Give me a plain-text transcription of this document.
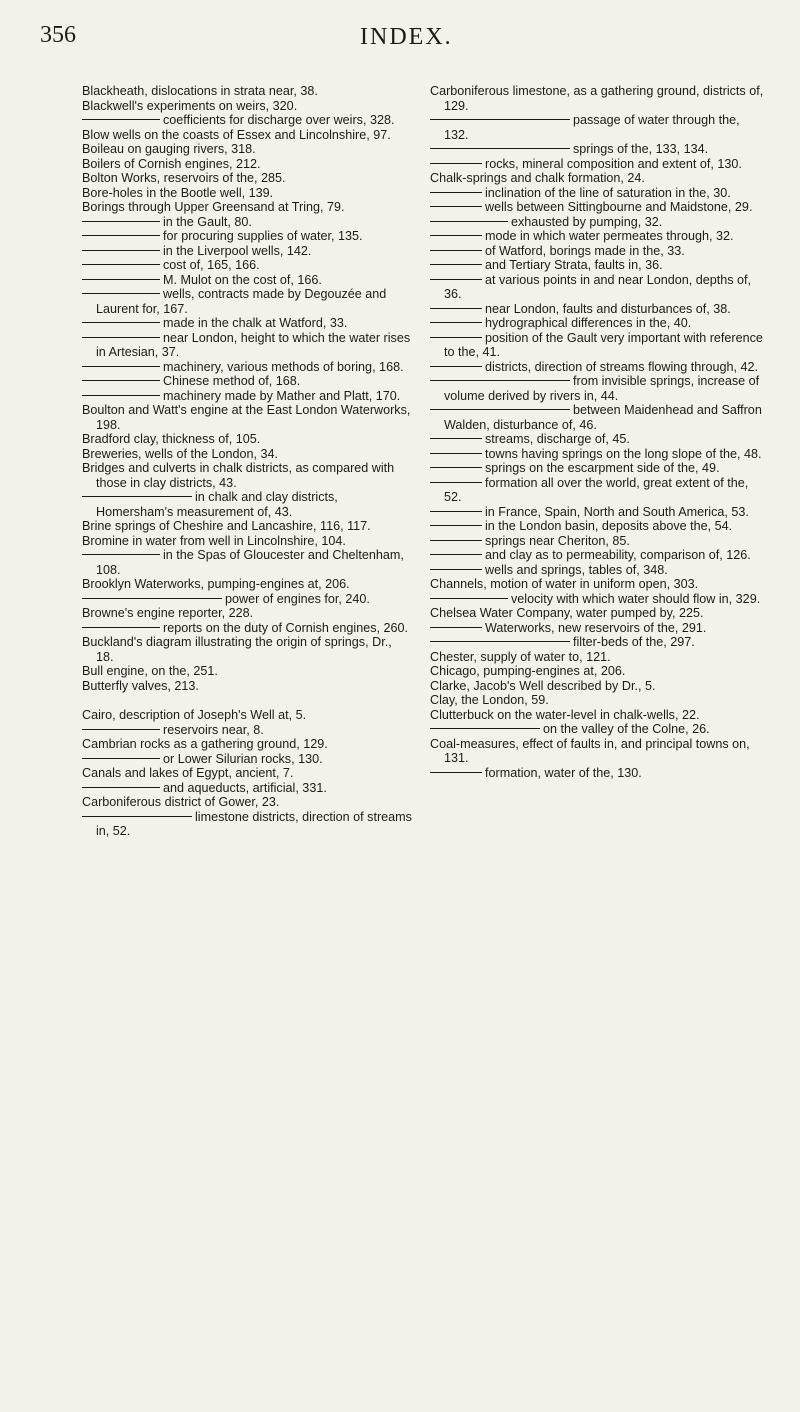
356	INDEX.

Blackheath, dislocations in strata near, 38.

Blackwell's experiments on weirs, 320.

coefficients for discharge over weirs, 328.

Blow wells on the coasts of Essex and Lincolnshire, 97.

Boileau on gauging rivers, 318.

Boilers of Cornish engines, 212.

Bolton Works, reservoirs of the, 285.

Bore-holes in the Bootle well, 139.

Borings through Upper Greensand at Tring, 79.

in the Gault, 80.

for procuring supplies of water, 135.

in the Liverpool wells, 142.

cost of, 165, 166.

M. Mulot on the cost of, 166.

wells, contracts made by Degouzée and Laurent for, 167.

made in the chalk at Watford, 33.

near London, height to which the water rises in Artesian, 37.

machinery, various methods of boring, 168.

Chinese method of, 168.

machinery made by Mather and Platt, 170.

Boulton and Watt's engine at the East London Waterworks, 198.

Bradford clay, thickness of, 105.

Breweries, wells of the London, 34.

Bridges and culverts in chalk districts, as compared with those in clay districts, 43.

in chalk and clay districts, Homersham's measurement of, 43.

Brine springs of Cheshire and Lancashire, 116, 117.

Bromine in water from well in Lincolnshire, 104.

in the Spas of Gloucester and Cheltenham, 108.

Brooklyn Waterworks, pumping-engines at, 206.

power of engines for, 240.

Browne's engine reporter, 228.

reports on the duty of Cornish engines, 260.

Buckland's diagram illustrating the origin of springs, Dr., 18.

Bull engine, on the, 251.

Butterfly valves, 213.

Cairo, description of Joseph's Well at, 5.

reservoirs near, 8.

Cambrian rocks as a gathering ground, 129.

or Lower Silurian rocks, 130.

Canals and lakes of Egypt, ancient, 7.

and aqueducts, artificial, 331.

Carboniferous district of Gower, 23.

limestone districts, direction of streams in, 52.

Carboniferous limestone, as a gathering ground, districts of, 129.

passage of water through the, 132.

springs of the, 133, 134.

rocks, mineral composition and extent of, 130.

Chalk-springs and chalk formation, 24.

inclination of the line of saturation in the, 30.

wells between Sittingbourne and Maidstone, 29.

exhausted by pumping, 32.

mode in which water permeates through, 32.

of Watford, borings made in the, 33.

and Tertiary Strata, faults in, 36.

at various points in and near London, depths of, 36.

near London, faults and disturbances of, 38.

hydrographical differences in the, 40.

position of the Gault very important with reference to the, 41.

districts, direction of streams flowing through, 42.

from invisible springs, increase of volume derived by rivers in, 44.

between Maidenhead and Saffron Walden, disturbance of, 46.

streams, discharge of, 45.

towns having springs on the long slope of the, 48.

springs on the escarpment side of the, 49.

formation all over the world, great extent of the, 52.

in France, Spain, North and South America, 53.

in the London basin, deposits above the, 54.

springs near Cheriton, 85.

and clay as to permeability, comparison of, 126.

wells and springs, tables of, 348.

Channels, motion of water in uniform open, 303.

velocity with which water should flow in, 329.

Chelsea Water Company, water pumped by, 225.

Waterworks, new reservoirs of the, 291.

filter-beds of the, 297.

Chester, supply of water to, 121.

Chicago, pumping-engines at, 206.

Clarke, Jacob's Well described by Dr., 5.

Clay, the London, 59.

Clutterbuck on the water-level in chalk-wells, 22.

on the valley of the Colne, 26.

Coal-measures, effect of faults in, and principal towns on, 131.

formation, water of the, 130.
